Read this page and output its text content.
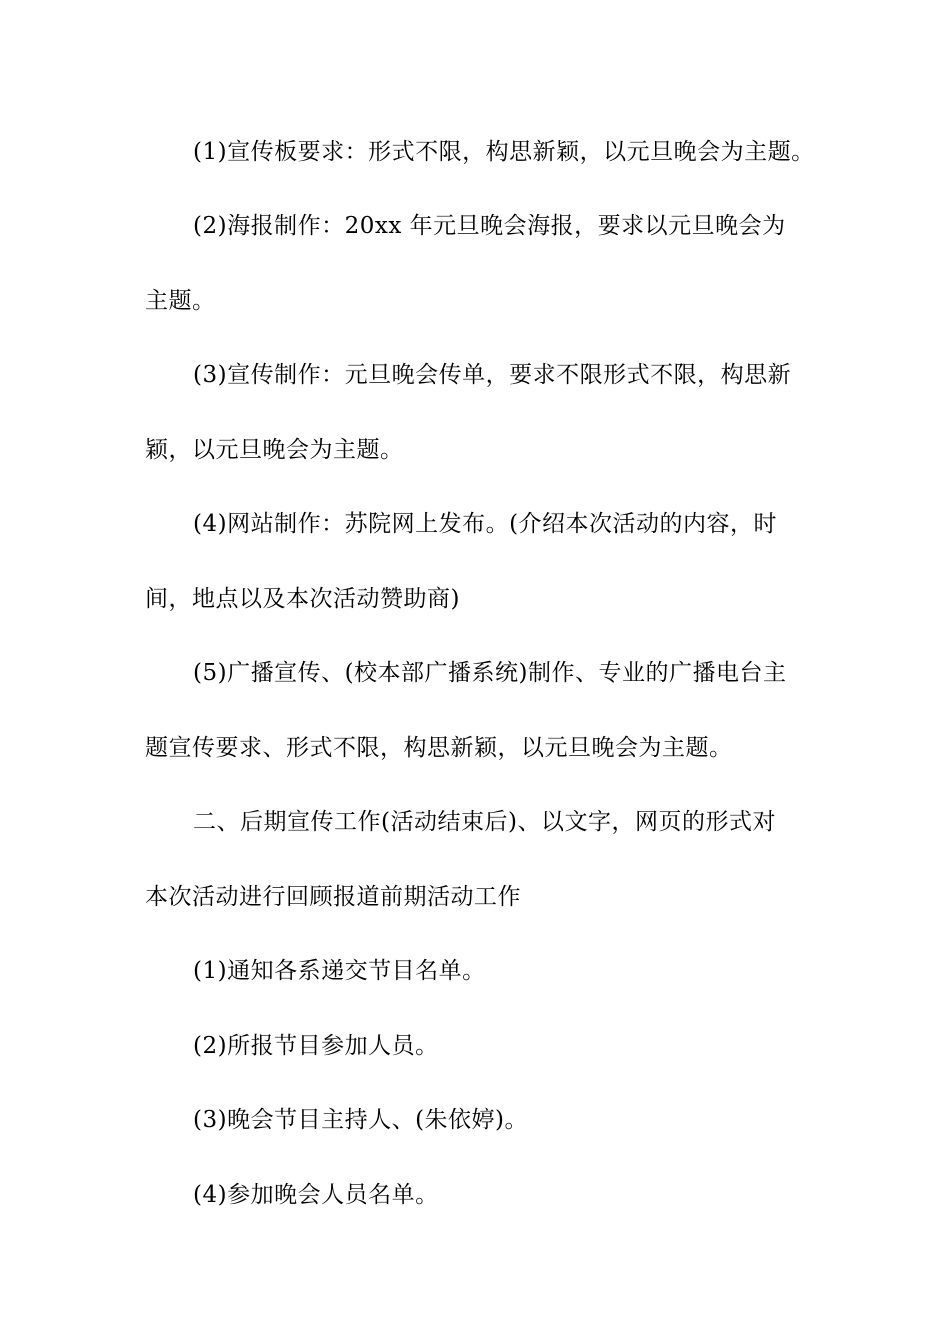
(1)宣传板要求：形式不限，构思新颖，以元旦晚会为主题。
(2)海报制作：20xx 年元旦晚会海报，要求以元旦晚会为
主题。
(3)宣传制作：元旦晚会传单，要求不限形式不限，构思新
颖，以元旦晚会为主题。
(4)网站制作：苏院网上发布。(介绍本次活动的内容，时
间，地点以及本次活动赞助商)
(5)广播宣传、(校本部广播系统)制作、专业的广播电台主
题宣传要求、形式不限，构思新颖，以元旦晚会为主题。
二、后期宣传工作(活动结束后)、以文字，网页的形式对
本次活动进行回顾报道前期活动工作
(1)通知各系递交节目名单。
(2)所报节目参加人员。
(3)晚会节目主持人、(朱依婷)。
(4)参加晚会人员名单。
